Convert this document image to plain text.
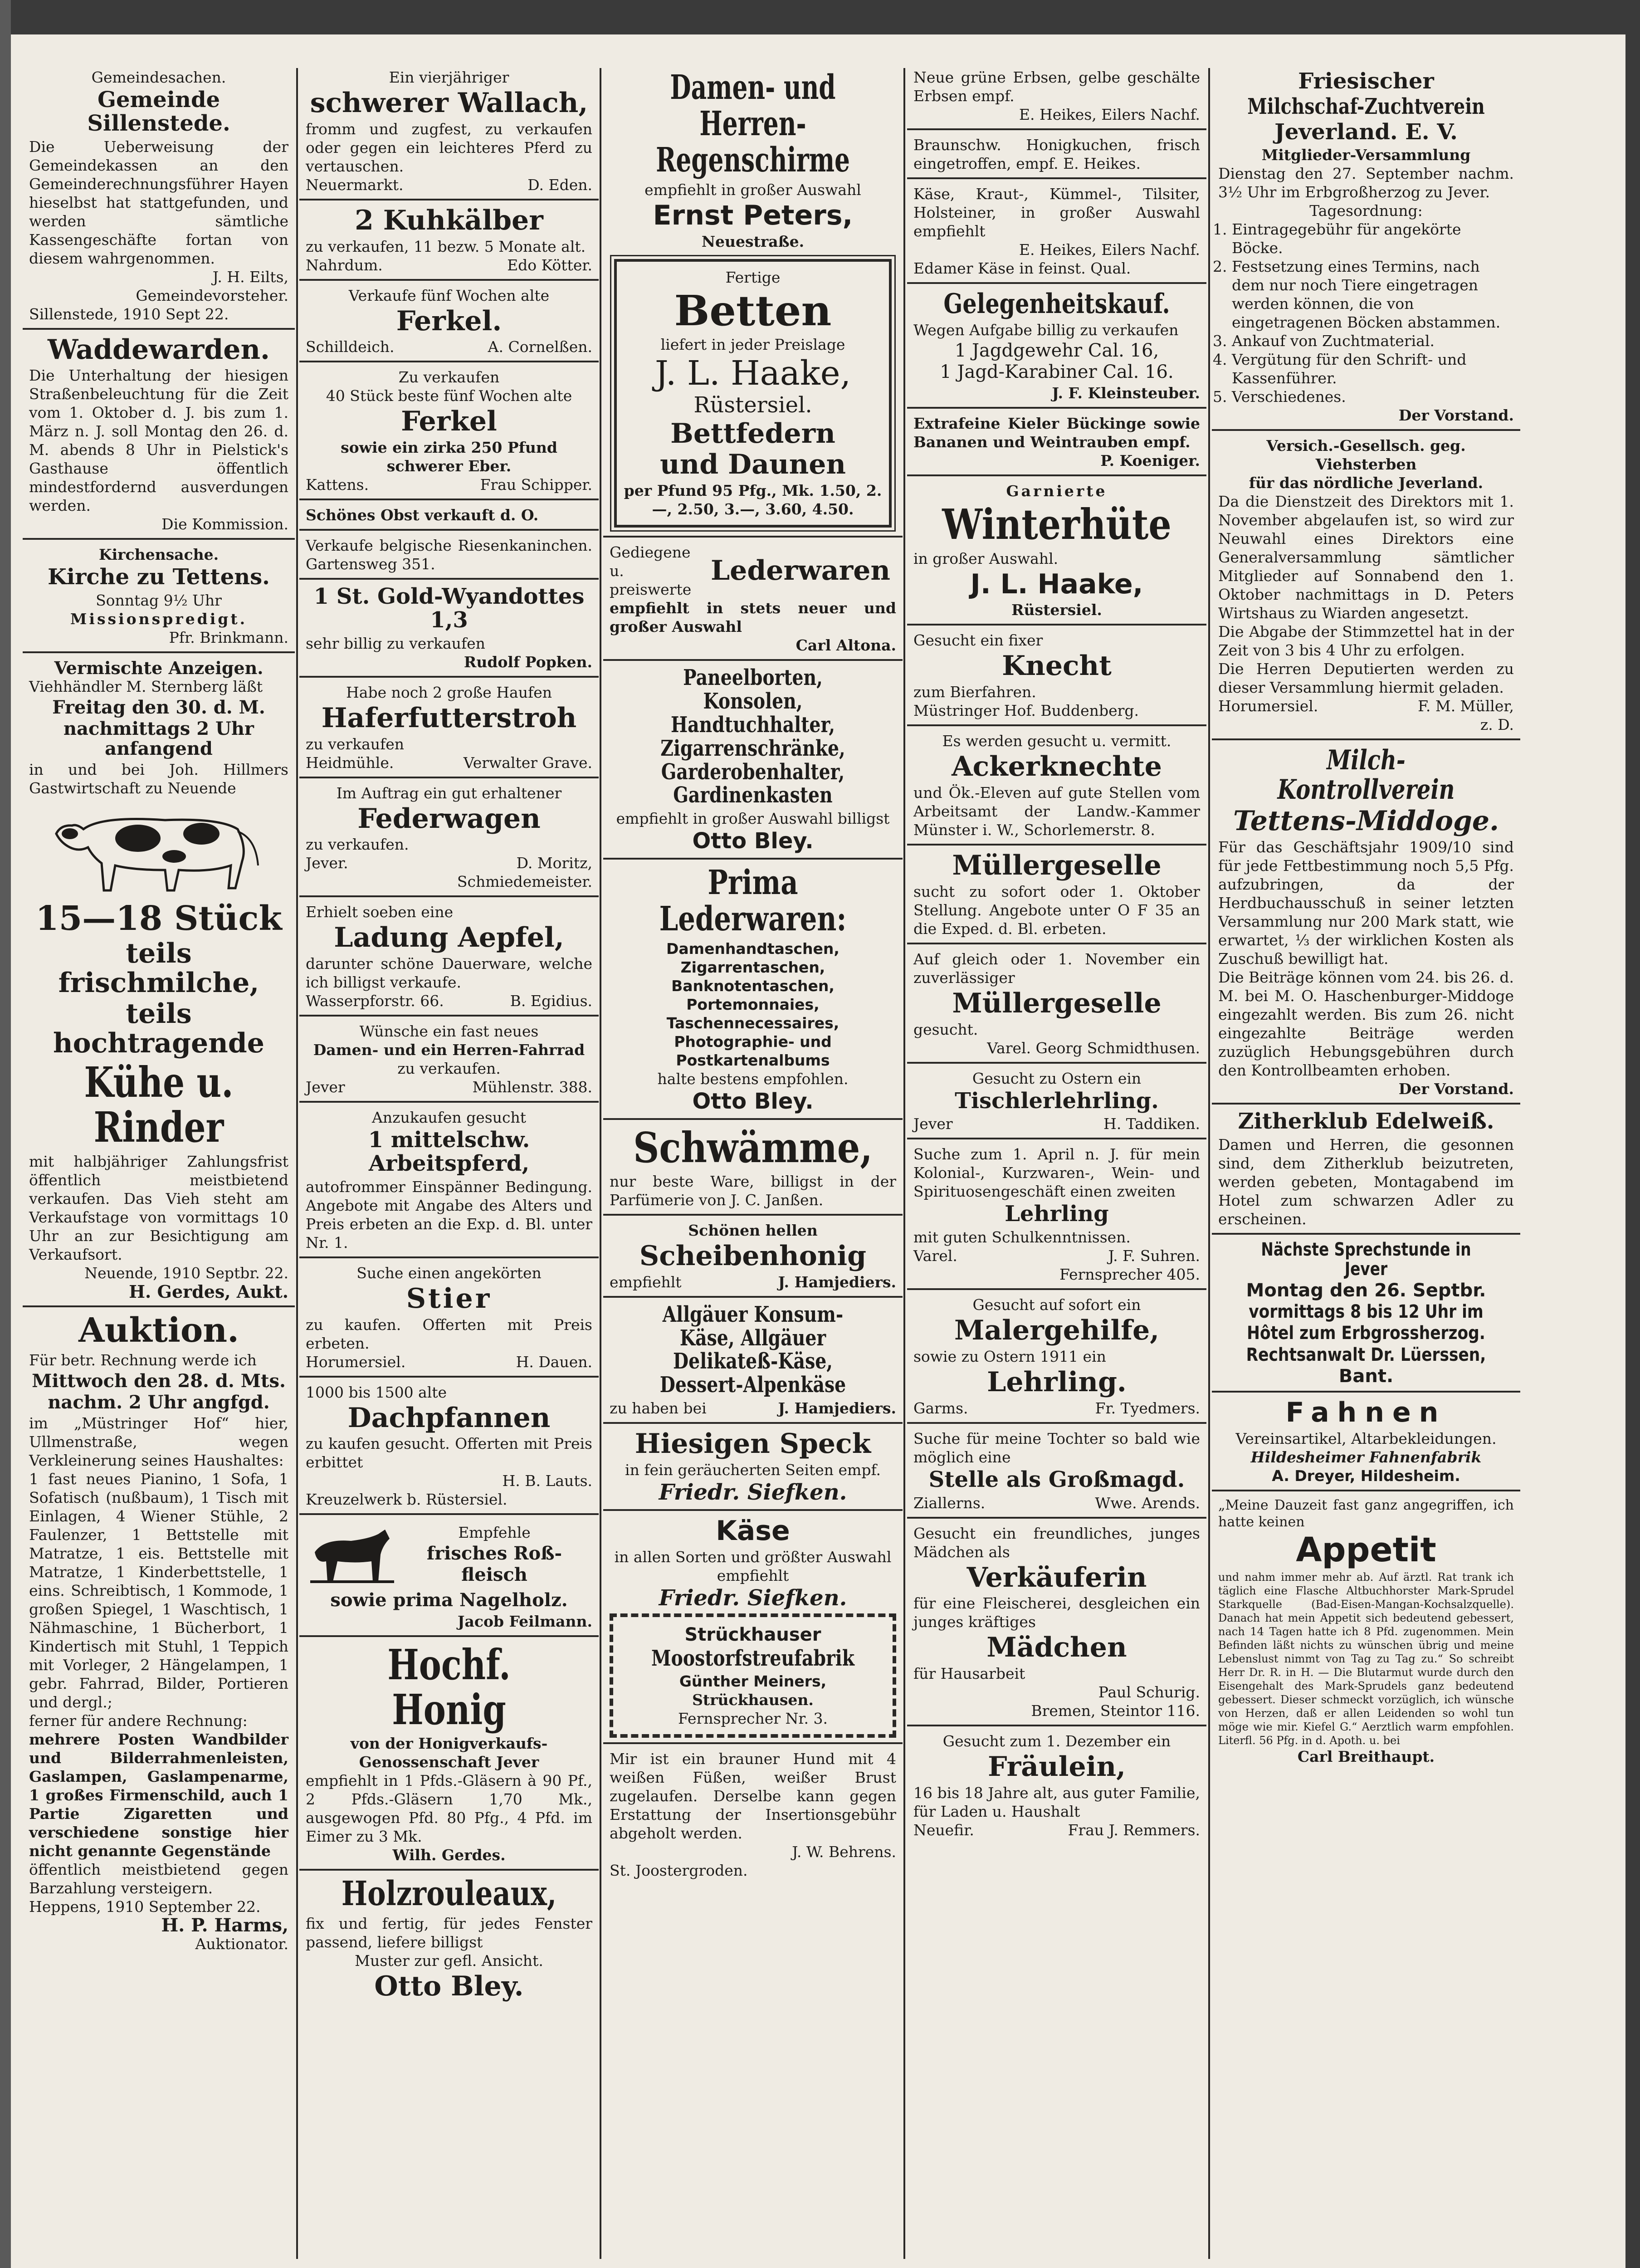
Gemeindesachen.

Gemeinde Sillenstede.

Die Ueberweisung der Gemeindekassen an den Gemeinderechnungsführer Hayen hieselbst hat stattgefunden, und werden sämtliche Kassengeschäfte fortan von diesem wahrgenommen.

J. H. Eilts,

Gemeindevorsteher.

Sillenstede, 1910 Sept 22.

Waddewarden.

Die Unterhaltung der hiesigen Straßenbeleuchtung für die Zeit vom 1. Oktober d. J. bis zum 1. März n. J. soll Montag den 26. d. M. abends 8 Uhr in Pielstick's Gasthause öffentlich mindestfordernd ausverdungen werden.

Die Kommission.

Kirchensache.

Kirche zu Tettens.

Sonntag 9½ Uhr

Missionspredigt.

Pfr. Brinkmann.

Vermischte Anzeigen.

Viehhändler M. Sternberg läßt

Freitag den 30. d. M.

nachmittags 2 Uhr anfangend

in und bei Joh. Hillmers Gastwirtschaft zu Neuende

15—18 Stück

teils frischmilche,

teils hochtragende

Kühe u. Rinder

mit halbjähriger Zahlungsfrist öffentlich meistbietend verkaufen. Das Vieh steht am Verkaufstage von vormittags 10 Uhr an zur Besichtigung am Verkaufsort.

Neuende, 1910 Septbr. 22.

H. Gerdes, Aukt.

Auktion.

Für betr. Rechnung werde ich

Mittwoch den 28. d. Mts.

nachm. 2 Uhr angfgd.

im „Müstringer Hof“ hier, Ullmenstraße, wegen Verkleinerung seines Haushaltes:

1 fast neues Pianino, 1 Sofa, 1 Sofatisch (nußbaum), 1 Tisch mit Einlagen, 4 Wiener Stühle, 2 Faulenzer, 1 Bettstelle mit Matratze, 1 eis. Bettstelle mit Matratze, 1 Kinderbettstelle, 1 eins. Schreibtisch, 1 Kommode, 1 großen Spiegel, 1 Waschtisch, 1 Nähmaschine, 1 Bücherbort, 1 Kindertisch mit Stuhl, 1 Teppich mit Vorleger, 2 Hängelampen, 1 gebr. Fahrrad, Bilder, Portieren und dergl.;

ferner für andere Rechnung:

mehrere Posten Wandbilder und Bilderrahmenleisten, Gaslampen, Gaslampenarme, 1 großes Firmenschild, auch 1 Partie Zigaretten und verschiedene sonstige hier nicht genannte Gegenstände

öffentlich meistbietend gegen Barzahlung versteigern.

Heppens, 1910 September 22.

H. P. Harms,

Auktionator.

Ein vierjähriger

schwerer Wallach,

fromm und zugfest, zu verkaufen oder gegen ein leichteres Pferd zu vertauschen.

Neuermarkt.	D. Eden.

2 Kuhkälber

zu verkaufen, 11 bezw. 5 Monate alt.

Nahrdum.	Edo Kötter.

Verkaufe fünf Wochen alte

Ferkel.

Schilldeich.	A. Cornelßen.

Zu verkaufen

40 Stück beste fünf Wochen alte

Ferkel

sowie ein zirka 250 Pfund schwerer Eber.

Kattens.	Frau Schipper.

Schönes Obst verkauft d. O.

Verkaufe belgische Riesenkaninchen. Gartensweg 351.

1 St. Gold-Wyandottes 1,3

sehr billig zu verkaufen

Rudolf Popken.

Habe noch 2 große Haufen

Haferfutterstroh

zu verkaufen

Heidmühle.	Verwalter Grave.

Im Auftrag ein gut erhaltener

Federwagen

zu verkaufen.

Jever.	D. Moritz,

Schmiedemeister.

Erhielt soeben eine

Ladung Aepfel,

darunter schöne Dauerware, welche ich billigst verkaufe.

Wasserpforstr. 66.	B. Egidius.

Wünsche ein fast neues

Damen- und ein Herren-Fahrrad

zu verkaufen.

Jever	Mühlenstr. 388.

Anzukaufen gesucht

1 mittelschw. Arbeitspferd,

autofrommer Einspänner Bedingung. Angebote mit Angabe des Alters und Preis erbeten an die Exp. d. Bl. unter Nr. 1.

Suche einen angekörten

Stier

zu kaufen. Offerten mit Preis erbeten.

Horumersiel.	H. Dauen.

1000 bis 1500 alte

Dachpfannen

zu kaufen gesucht. Offerten mit Preis erbittet

H. B. Lauts.

Kreuzelwerk b. Rüstersiel.

Empfehle

frisches Roß-

fleisch

sowie prima Nagelholz.

Jacob Feilmann.

Hochf. Honig

von der Honigverkaufs-Genossenschaft Jever

empfiehlt in 1 Pfds.-Gläsern à 90 Pf., 2 Pfds.-Gläsern 1,70 Mk., ausgewogen Pfd. 80 Pfg., 4 Pfd. im Eimer zu 3 Mk.

Wilh. Gerdes.

Holzrouleaux,

fix und fertig, für jedes Fenster passend, liefere billigst

Muster zur gefl. Ansicht.

Otto Bley.

Damen- und Herren-Regenschirme

empfiehlt in großer Auswahl

Ernst Peters,

Neuestraße.

Fertige

Betten

liefert in jeder Preislage

J. L. Haake,

Rüstersiel.

Bettfedern

und Daunen

per Pfund 95 Pfg., Mk. 1.50, 2.—, 2.50, 3.—, 3.60, 4.50.

Gediegene

u. preiswerte

Lederwaren

empfiehlt in stets neuer und großer Auswahl

Carl Altona.

Paneelborten, Konsolen, Handtuchhalter, Zigarrenschränke, Garderobenhalter, Gardinenkasten

empfiehlt in großer Auswahl billigst

Otto Bley.

Prima Lederwaren:

Damenhandtaschen, Zigarrentaschen, Banknotentaschen, Portemonnaies, Taschennecessaires, Photographie- und Postkartenalbums

halte bestens empfohlen.

Otto Bley.

Schwämme,

nur beste Ware, billigst in der Parfümerie von J. C. Janßen.

Schönen hellen

Scheibenhonig

empfiehlt	J. Hamjediers.

Allgäuer Konsum-Käse, Allgäuer Delikateß-Käse, Dessert-Alpenkäse

zu haben bei	J. Hamjediers.

Hiesigen Speck

in fein geräucherten Seiten empf.

Friedr. Siefken.

Käse

in allen Sorten und größter Auswahl empfiehlt

Friedr. Siefken.

Strückhauser

Moostorfstreufabrik

Günther Meiners,

Strückhausen.

Fernsprecher Nr. 3.

Mir ist ein brauner Hund mit 4 weißen Füßen, weißer Brust zugelaufen. Derselbe kann gegen Erstattung der Insertionsgebühr abgeholt werden.

J. W. Behrens.

St. Joostergroden.

Neue grüne Erbsen, gelbe geschälte Erbsen empf.

E. Heikes, Eilers Nachf.

Braunschw. Honigkuchen, frisch eingetroffen, empf. E. Heikes.

Käse, Kraut-, Kümmel-, Tilsiter, Holsteiner, in großer Auswahl empfiehlt

E. Heikes, Eilers Nachf.

Edamer Käse in feinst. Qual.

Gelegenheitskauf.

Wegen Aufgabe billig zu verkaufen

1 Jagdgewehr Cal. 16,

1 Jagd-Karabiner Cal. 16.

J. F. Kleinsteuber.

Extrafeine Kieler Bückinge sowie Bananen und Weintrauben empf.

P. Koeniger.

Garnierte

Winterhüte

in großer Auswahl.

J. L. Haake,

Rüstersiel.

Gesucht ein fixer

Knecht

zum Bierfahren.

Müstringer Hof. Buddenberg.

Es werden gesucht u. vermitt.

Ackerknechte

und Ök.-Eleven auf gute Stellen vom Arbeitsamt der Landw.-Kammer Münster i. W., Schorlemerstr. 8.

Müllergeselle

sucht zu sofort oder 1. Oktober Stellung. Angebote unter O F 35 an die Exped. d. Bl. erbeten.

Auf gleich oder 1. November ein zuverlässiger

Müllergeselle

gesucht.

Varel. Georg Schmidthusen.

Gesucht zu Ostern ein

Tischlerlehrling.

Jever	H. Taddiken.

Suche zum 1. April n. J. für mein Kolonial-, Kurzwaren-, Wein- und Spirituosengeschäft einen zweiten

Lehrling

mit guten Schulkenntnissen.

Varel.	J. F. Suhren.

Fernsprecher 405.

Gesucht auf sofort ein

Malergehilfe,

sowie zu Ostern 1911 ein

Lehrling.

Garms.	Fr. Tyedmers.

Suche für meine Tochter so bald wie möglich eine

Stelle als Großmagd.

Ziallerns.	Wwe. Arends.

Gesucht ein freundliches, junges Mädchen als

Verkäuferin

für eine Fleischerei, desgleichen ein junges kräftiges

Mädchen

für Hausarbeit

Paul Schurig.

Bremen, Steintor 116.

Gesucht zum 1. Dezember ein

Fräulein,

16 bis 18 Jahre alt, aus guter Familie, für Laden u. Haushalt

Neuefir.	Frau J. Remmers.

Friesischer

Milchschaf-Zuchtverein

Jeverland. E. V.

Mitglieder-Versammlung

Dienstag den 27. September nachm. 3½ Uhr im Erbgroßherzog zu Jever.

Tagesordnung:

1. Eintragegebühr für angekörte Böcke.
2. Festsetzung eines Termins, nach dem nur noch Tiere eingetragen werden können, die von eingetragenen Böcken abstammen.
3. Ankauf von Zuchtmaterial.
4. Vergütung für den Schrift- und Kassenführer.
5. Verschiedenes.

Der Vorstand.

Versich.-Gesellsch. geg. Viehsterben

für das nördliche Jeverland.

Da die Dienstzeit des Direktors mit 1. November abgelaufen ist, so wird zur Neuwahl eines Direktors eine Generalversammlung sämtlicher Mitglieder auf Sonnabend den 1. Oktober nachmittags in D. Peters Wirtshaus zu Wiarden angesetzt.

Die Abgabe der Stimmzettel hat in der Zeit von 3 bis 4 Uhr zu erfolgen.

Die Herren Deputierten werden zu dieser Versammlung hiermit geladen.

Horumersiel.	F. M. Müller,

z. D.

Milch-Kontrollverein

Tettens-Middoge.

Für das Geschäftsjahr 1909/10 sind für jede Fettbestimmung noch 5,5 Pfg. aufzubringen, da der Herdbuchausschuß in seiner letzten Versammlung nur 200 Mark statt, wie erwartet, ⅓ der wirklichen Kosten als Zuschuß bewilligt hat.

Die Beiträge können vom 24. bis 26. d. M. bei M. O. Haschenburger-Middoge eingezahlt werden. Bis zum 26. nicht eingezahlte Beiträge werden zuzüglich Hebungsgebühren durch den Kontrollbeamten erhoben.

Der Vorstand.

Zitherklub Edelweiß.

Damen und Herren, die gesonnen sind, dem Zitherklub beizutreten, werden gebeten, Montagabend im Hotel zum schwarzen Adler zu erscheinen.

Nächste Sprechstunde in Jever

Montag den 26. Septbr.

vormittags 8 bis 12 Uhr im

Hôtel zum Erbgrossherzog.

Rechtsanwalt Dr. Lüerssen,

Bant.

Fahnen

Vereinsartikel, Altarbekleidungen.

Hildesheimer Fahnenfabrik

A. Dreyer, Hildesheim.

„Meine Dauzeit fast ganz angegriffen, ich hatte keinen

Appetit

und nahm immer mehr ab. Auf ärztl. Rat trank ich täglich eine Flasche Altbuchhorster Mark-Sprudel Starkquelle (Bad-Eisen-Mangan-Kochsalzquelle). Danach hat mein Appetit sich bedeutend gebessert, nach 14 Tagen hatte ich 8 Pfd. zugenommen. Mein Befinden läßt nichts zu wünschen übrig und meine Lebenslust nimmt von Tag zu Tag zu.“ So schreibt Herr Dr. R. in H. — Die Blutarmut wurde durch den Eisengehalt des Mark-Sprudels ganz bedeutend gebessert. Dieser schmeckt vorzüglich, ich wünsche von Herzen, daß er allen Leidenden so wohl tun möge wie mir. Kiefel G.“ Aerztlich warm empfohlen. Literfl. 56 Pfg. in d. Apoth. u. bei

Carl Breithaupt.
